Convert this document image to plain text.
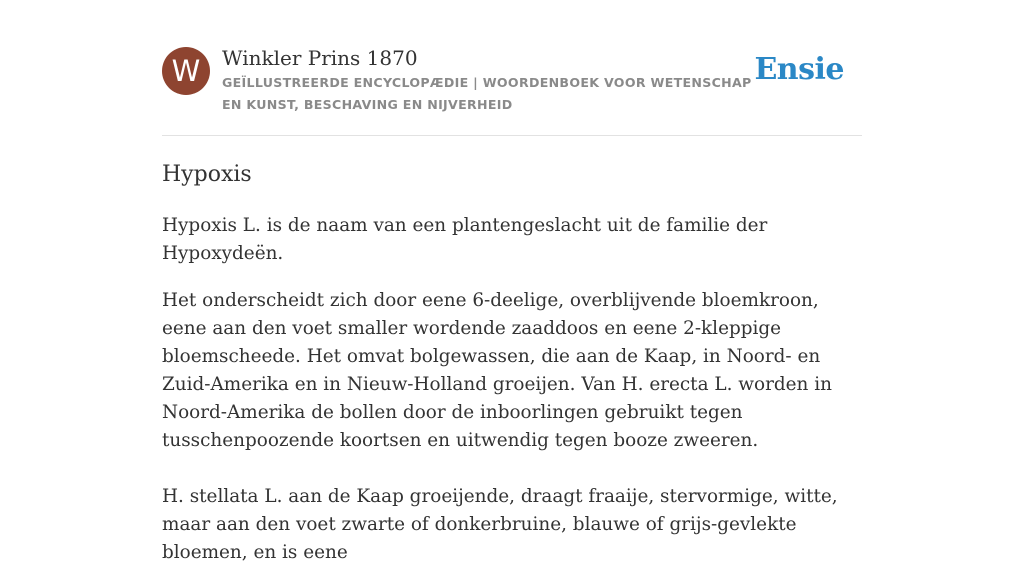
W	Winkler Prins 1870
GEÏLLUSTREERDE ENCYCLOPÆDIE | WOORDENBOEK VOOR WETENSCHAP EN KUNST, BESCHAVING EN NIJVERHEID
Ensie
Hypoxis

Hypoxis L. is de naam van een plantengeslacht uit de familie der Hypoxydeën.

Het onderscheidt zich door eene 6-deelige, overblijvende bloemkroon, eene aan den voet smaller wordende zaaddoos en eene 2-kleppige bloemscheede. Het omvat bolgewassen, die aan de Kaap, in Noord- en Zuid-Amerika en in Nieuw-Holland groeijen. Van H. erecta L. worden in Noord-Amerika de bollen door de inboorlingen gebruikt tegen tusschenpoozende koortsen en uitwendig tegen booze zweeren.

H. stellata L. aan de Kaap groeijende, draagt fraaije, stervormige, witte, maar aan den voet zwarte of donkerbruine, blauwe of grijs-gevlekte bloemen, en is eene
